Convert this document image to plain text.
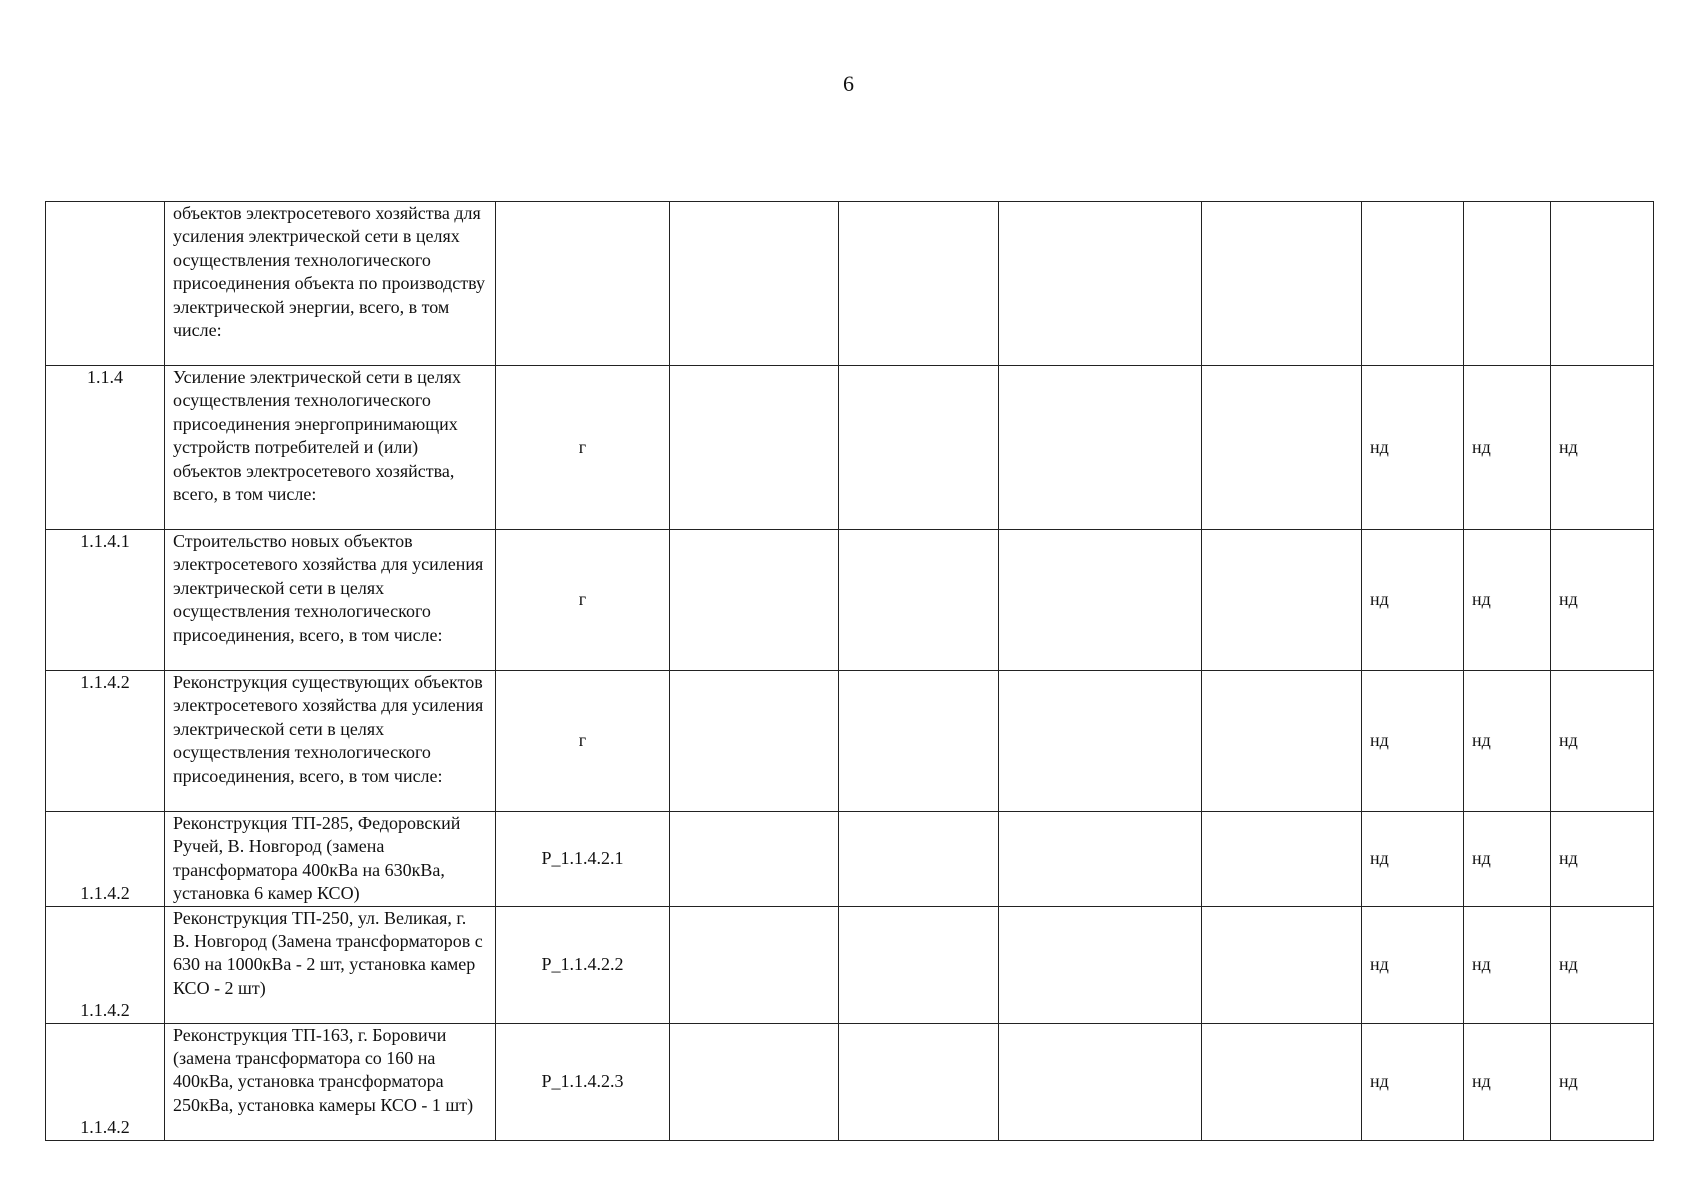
6
	объектов электросетевого хозяйства для усиления электрической сети в целях осуществления технологического присоединения объекта по производству электрической энергии, всего, в том числе:								
1.1.4	Усиление электрической сети в целях осуществления технологического присоединения энергопринимающих устройств потребителей и (или) объектов электросетевого хозяйства, всего, в том числе:	г					нд	нд	нд
1.1.4.1	Строительство новых объектов электросетевого хозяйства для усиления электрической сети в целях осуществления технологического присоединения, всего, в том числе:	г					нд	нд	нд
1.1.4.2	Реконструкция существующих объектов электросетевого хозяйства для усиления электрической сети в целях осуществления технологического присоединения, всего, в том числе:	г					нд	нд	нд
1.1.4.2	Реконструкция ТП-285, Федоровский Ручей, В. Новгород (замена трансформатора 400кВа на 630кВа, установка 6 камер КСО)	P_1.1.4.2.1					нд	нд	нд
1.1.4.2	Реконструкция ТП-250, ул. Великая, г. В. Новгород (Замена трансформаторов с 630 на 1000кВа - 2 шт, установка камер КСО - 2 шт)	P_1.1.4.2.2					нд	нд	нд
1.1.4.2	Реконструкция ТП-163, г. Боровичи (замена трансформатора со 160 на 400кВа, установка трансформатора 250кВа, установка камеры КСО - 1 шт)	P_1.1.4.2.3					нд	нд	нд
